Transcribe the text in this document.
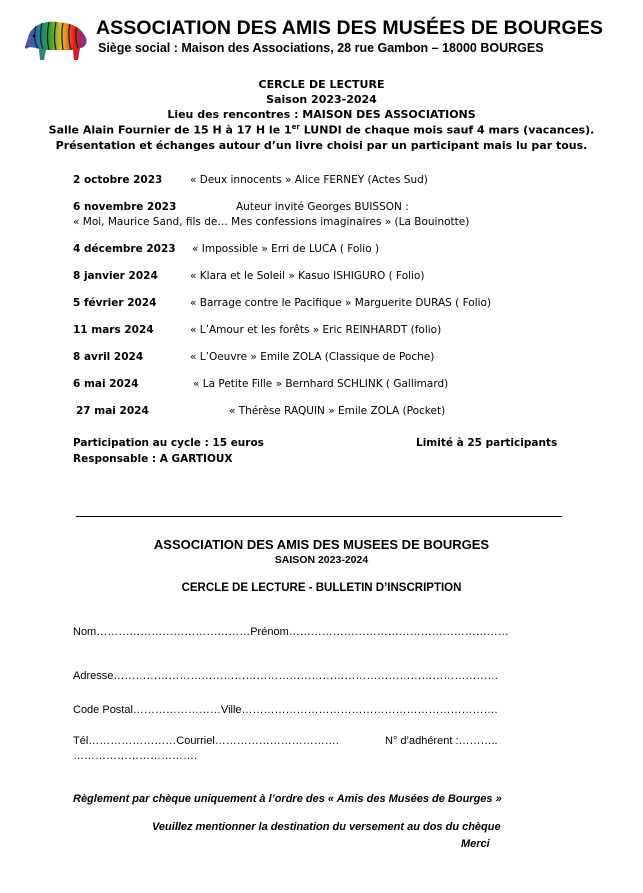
ASSOCIATION DES AMIS DES MUSÉES DE BOURGES
Siège social : Maison des Associations, 28 rue Gambon – 18000 BOURGES
CERCLE DE LECTURE
Saison 2023-2024
Lieu des rencontres : MAISON DES ASSOCIATIONS
Salle Alain Fournier de 15 H à 17 H le 1er LUNDI de chaque mois sauf 4 mars (vacances).
Présentation et échanges autour d’un livre choisi par un participant mais lu par tous.
2 octobre 2023	« Deux innocents » Alice FERNEY (Actes Sud)
6 novembre 2023	Auteur invité Georges BUISSON :
« Moi, Maurice Sand, fils de… Mes confessions imaginaires » (La Bouinotte)
4 décembre 2023 « Impossible » Erri de LUCA ( Folio )
8 janvier 2024	« Klara et le Soleil » Kasuo ISHIGURO ( Folio)
5 février 2024	« Barrage contre le Pacifique » Marguerite DURAS ( Folio)
11 mars 2024	« L’Amour et les forêts » Eric REINHARDT (folio)
8 avril 2024	« L’Oeuvre » Emile ZOLA (Classique de Poche)
6 mai 2024	« La Petite Fille » Bernhard SCHLINK ( Gallimard)
27 mai 2024	« Thérèse RAQUIN » Emile ZOLA (Pocket)
Participation au cycle : 15 euros	Limité à 25 participants
Responsable : A GARTIOUX
ASSOCIATION DES AMIS DES MUSEES DE BOURGES
SAISON 2023-2024
CERCLE DE LECTURE - BULLETIN D’INSCRIPTION
Nom……………………………………Prénom……………………………………………………
Adresse……………………………………………………………………………………………
Code Postal……………………Ville…………………………………………………………….
Tél……………………Courriel…………………………….	N° d’adhérent :………..
…………………………….
Règlement par chèque uniquement à l’ordre des « Amis des Musées de Bourges »
Veuillez mentionner la destination du versement au dos du chèque
Merci
